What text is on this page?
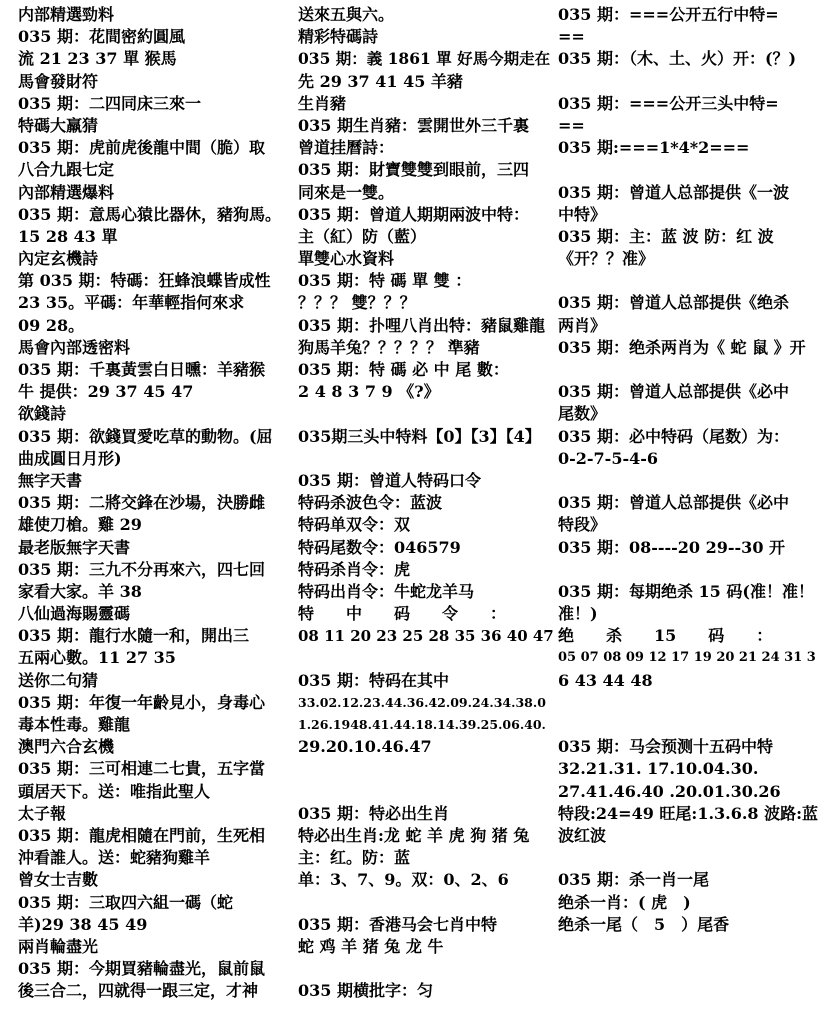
内部精選勁料
035 期：花間密約圓風
流 21 23 37 單 猴馬
馬會發財符
035 期：二四同床三來一
特碼大羸猜
035 期：虎前虎後龍中間（脆）取
八合九跟七定
內部精選爆料
035 期：意馬心猿比器休，豬狗馬。
15 28 43 單
內定玄機詩
第 035 期：特碼：狂蜂浪蝶皆成性
23 35。平碼：年華輕指何來求
09 28。
馬會內部透密料
035 期：千裏黃雲白日曛：羊豬猴
牛 提供：29 37 45 47
欲錢詩
035 期：欲錢買愛吃草的動物。(屈
曲成圓日月形)
無字天書
035 期：二將交鋒在沙場，決勝雌
雄使刀槍。雞 29
最老版無字天書
035 期：三九不分再來六，四七回
家看大家。羊 38
八仙過海賜靈碼
035 期：龍行水隨一和，開出三
五兩心數。11 27 35
送你二句猜
035 期：年復一年齡見小，身毒心
毒本性毒。雞龍
澳門六合玄機
035 期：三可相連二七貴，五字當
頭居天下。送：唯指此聖人
太子報
035 期：龍虎相隨在門前，生死相
沖看誰人。送：蛇豬狗雞羊
曾女士吉數
035 期：三取四六組一碼（蛇
羊)29 38 45 49
兩肖輪盡光
035 期：今期買豬輪盡光，鼠前鼠
後三合二，四就得一跟三定，才神
送來五與六。
精彩特碼詩
035 期：義 1861 單 好馬今期走在
先 29 37 41 45 羊豬
生肖豬
035 期生肖豬：雲開世外三千裏
曾道挂曆詩：
035 期：財寶雙雙到眼前，三四
同來是一雙。
035 期：曾道人期期兩波中特：
主（紅）防（藍）
單雙心水資料
035 期：特 碼 單 雙 ：
？？？ 雙？？？
035 期：扑哩八肖出特：豬鼠雞龍
狗馬羊兔？？？？？ 準豬
035 期：特 碼 必 中 尾 數：
2 4 8 3 7 9 《?》
035期三头中特料【0】【3】【4】
035 期：曾道人特码口令
特码杀波色令：蓝波
特码单双令：双
特码尾数令：046579
特码杀肖令：虎
特码出肖令：牛蛇龙羊马
特　　中　　码　　令　　：
08 11 20 23 25 28 35 36 40 47
035 期：特码在其中
33.02.12.23.44.36.42.09.24.34.38.0
1.26.1948.41.44.18.14.39.25.06.40.
29.20.10.46.47
035 期：特必出生肖
特必出生肖:龙 蛇 羊 虎 狗 猪 兔
主：红。防：蓝
单：3、7、9。双：0、2、6
035 期：香港马会七肖中特
蛇 鸡 羊 猪 兔 龙 牛
035 期横批字：匀
035 期：===公开五行中特=
==
035 期：（木、土、火）开：(？)
035 期：===公开三头中特=
==
035 期:===1*4*2===
035 期：曾道人总部提供《一波
中特》
035 期：主：蓝 波 防：红 波
《开？？准》
035 期：曾道人总部提供《绝杀
两肖》
035 期：绝杀两肖为《 蛇 鼠 》开
035 期：曾道人总部提供《必中
尾数》
035 期：必中特码（尾数）为：
0-2-7-5-4-6
035 期：曾道人总部提供《必中
特段》
035 期：08----20 29--30 开
035 期：每期绝杀 15 码(准！准！
准！)
绝　　杀　　15　　码　　：
05 07 08 09 12 17 19 20 21 24 31 3
6 43 44 48
035 期：马会预测十五码中特
32.21.31. 17.10.04.30.
27.41.46.40 .20.01.30.26
特段:24=49 旺尾:1.3.6.8 波路:蓝
波红波
035 期：杀一肖一尾
绝杀一肖：( 虎　)
绝杀一尾（　5　）尾香
